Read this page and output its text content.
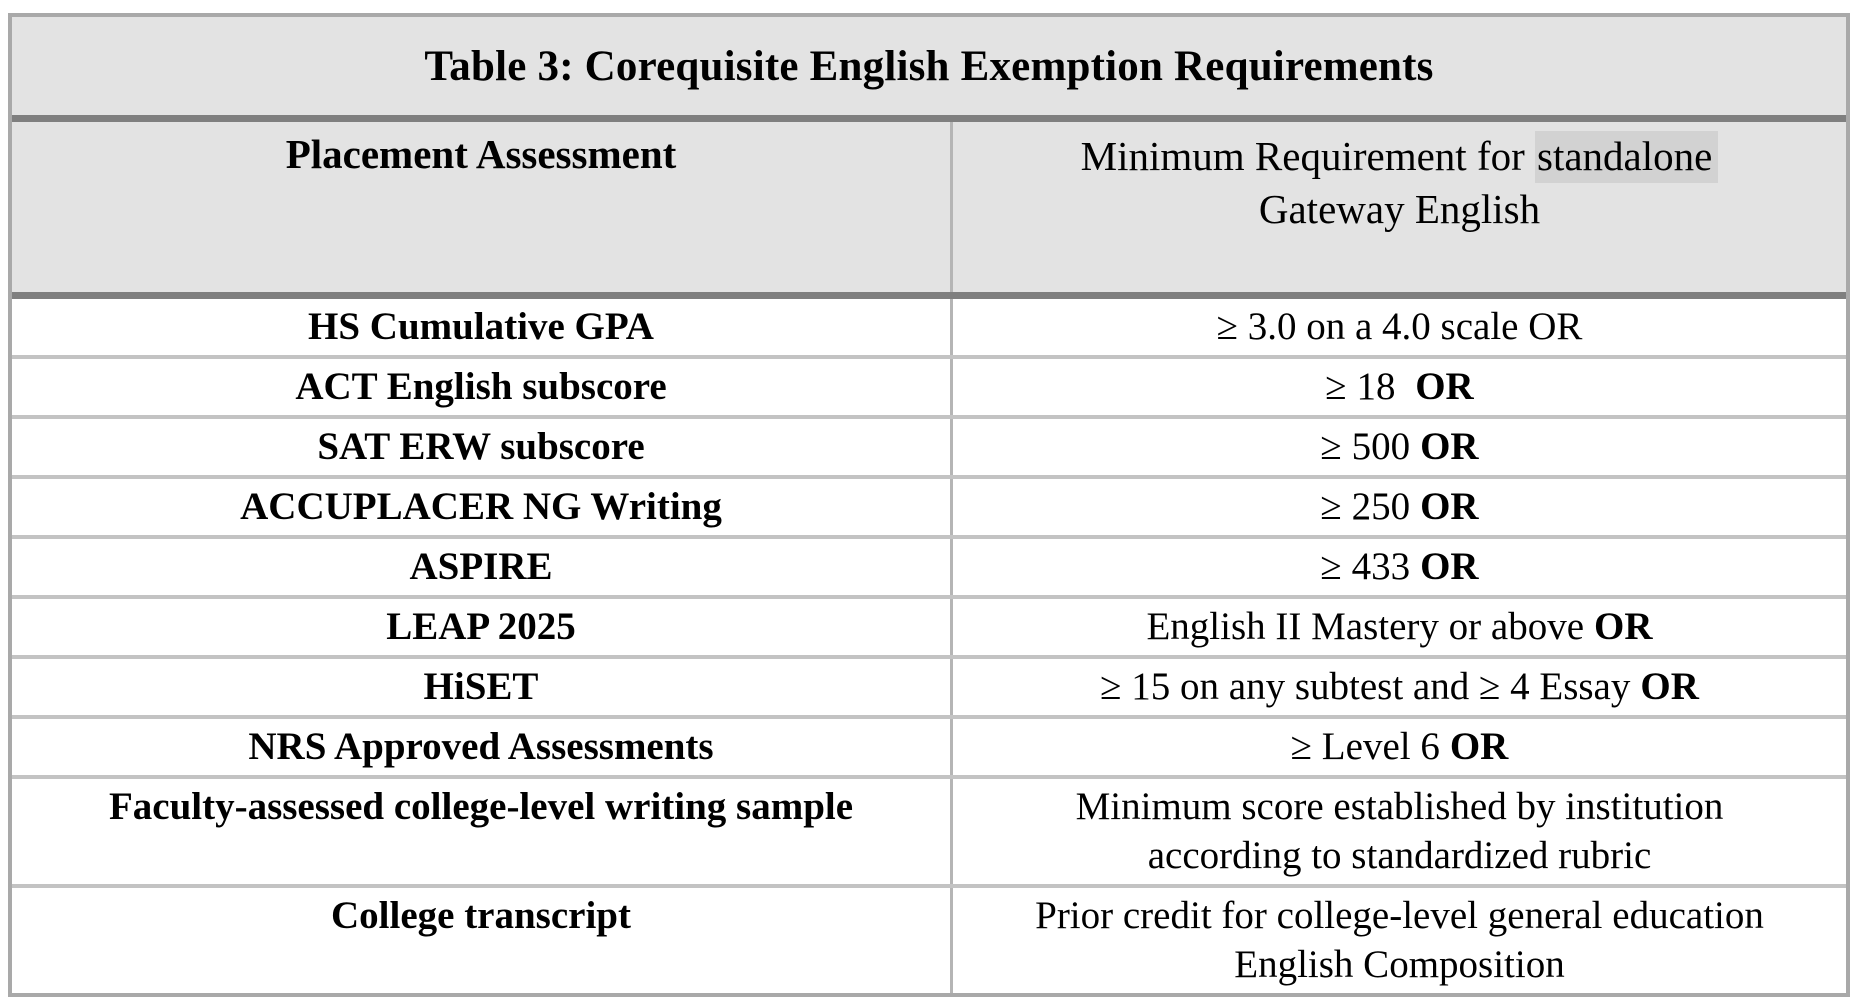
Table 3: Corequisite English Exemption Requirements
Placement Assessment	Minimum Requirement for standalone
Gateway English
HS Cumulative GPA	≥ 3.0 on a 4.0 scale OR
ACT English subscore	≥ 18 OR
SAT ERW subscore	≥ 500 OR
ACCUPLACER NG Writing	≥ 250 OR
ASPIRE	≥ 433 OR
LEAP 2025	English II Mastery or above OR
HiSET	≥ 15 on any subtest and ≥ 4 Essay OR
NRS Approved Assessments	≥ Level 6 OR
Faculty-assessed college-level writing sample	Minimum score established by institution according to standardized rubric
College transcript	Prior credit for college-level general education English Composition
